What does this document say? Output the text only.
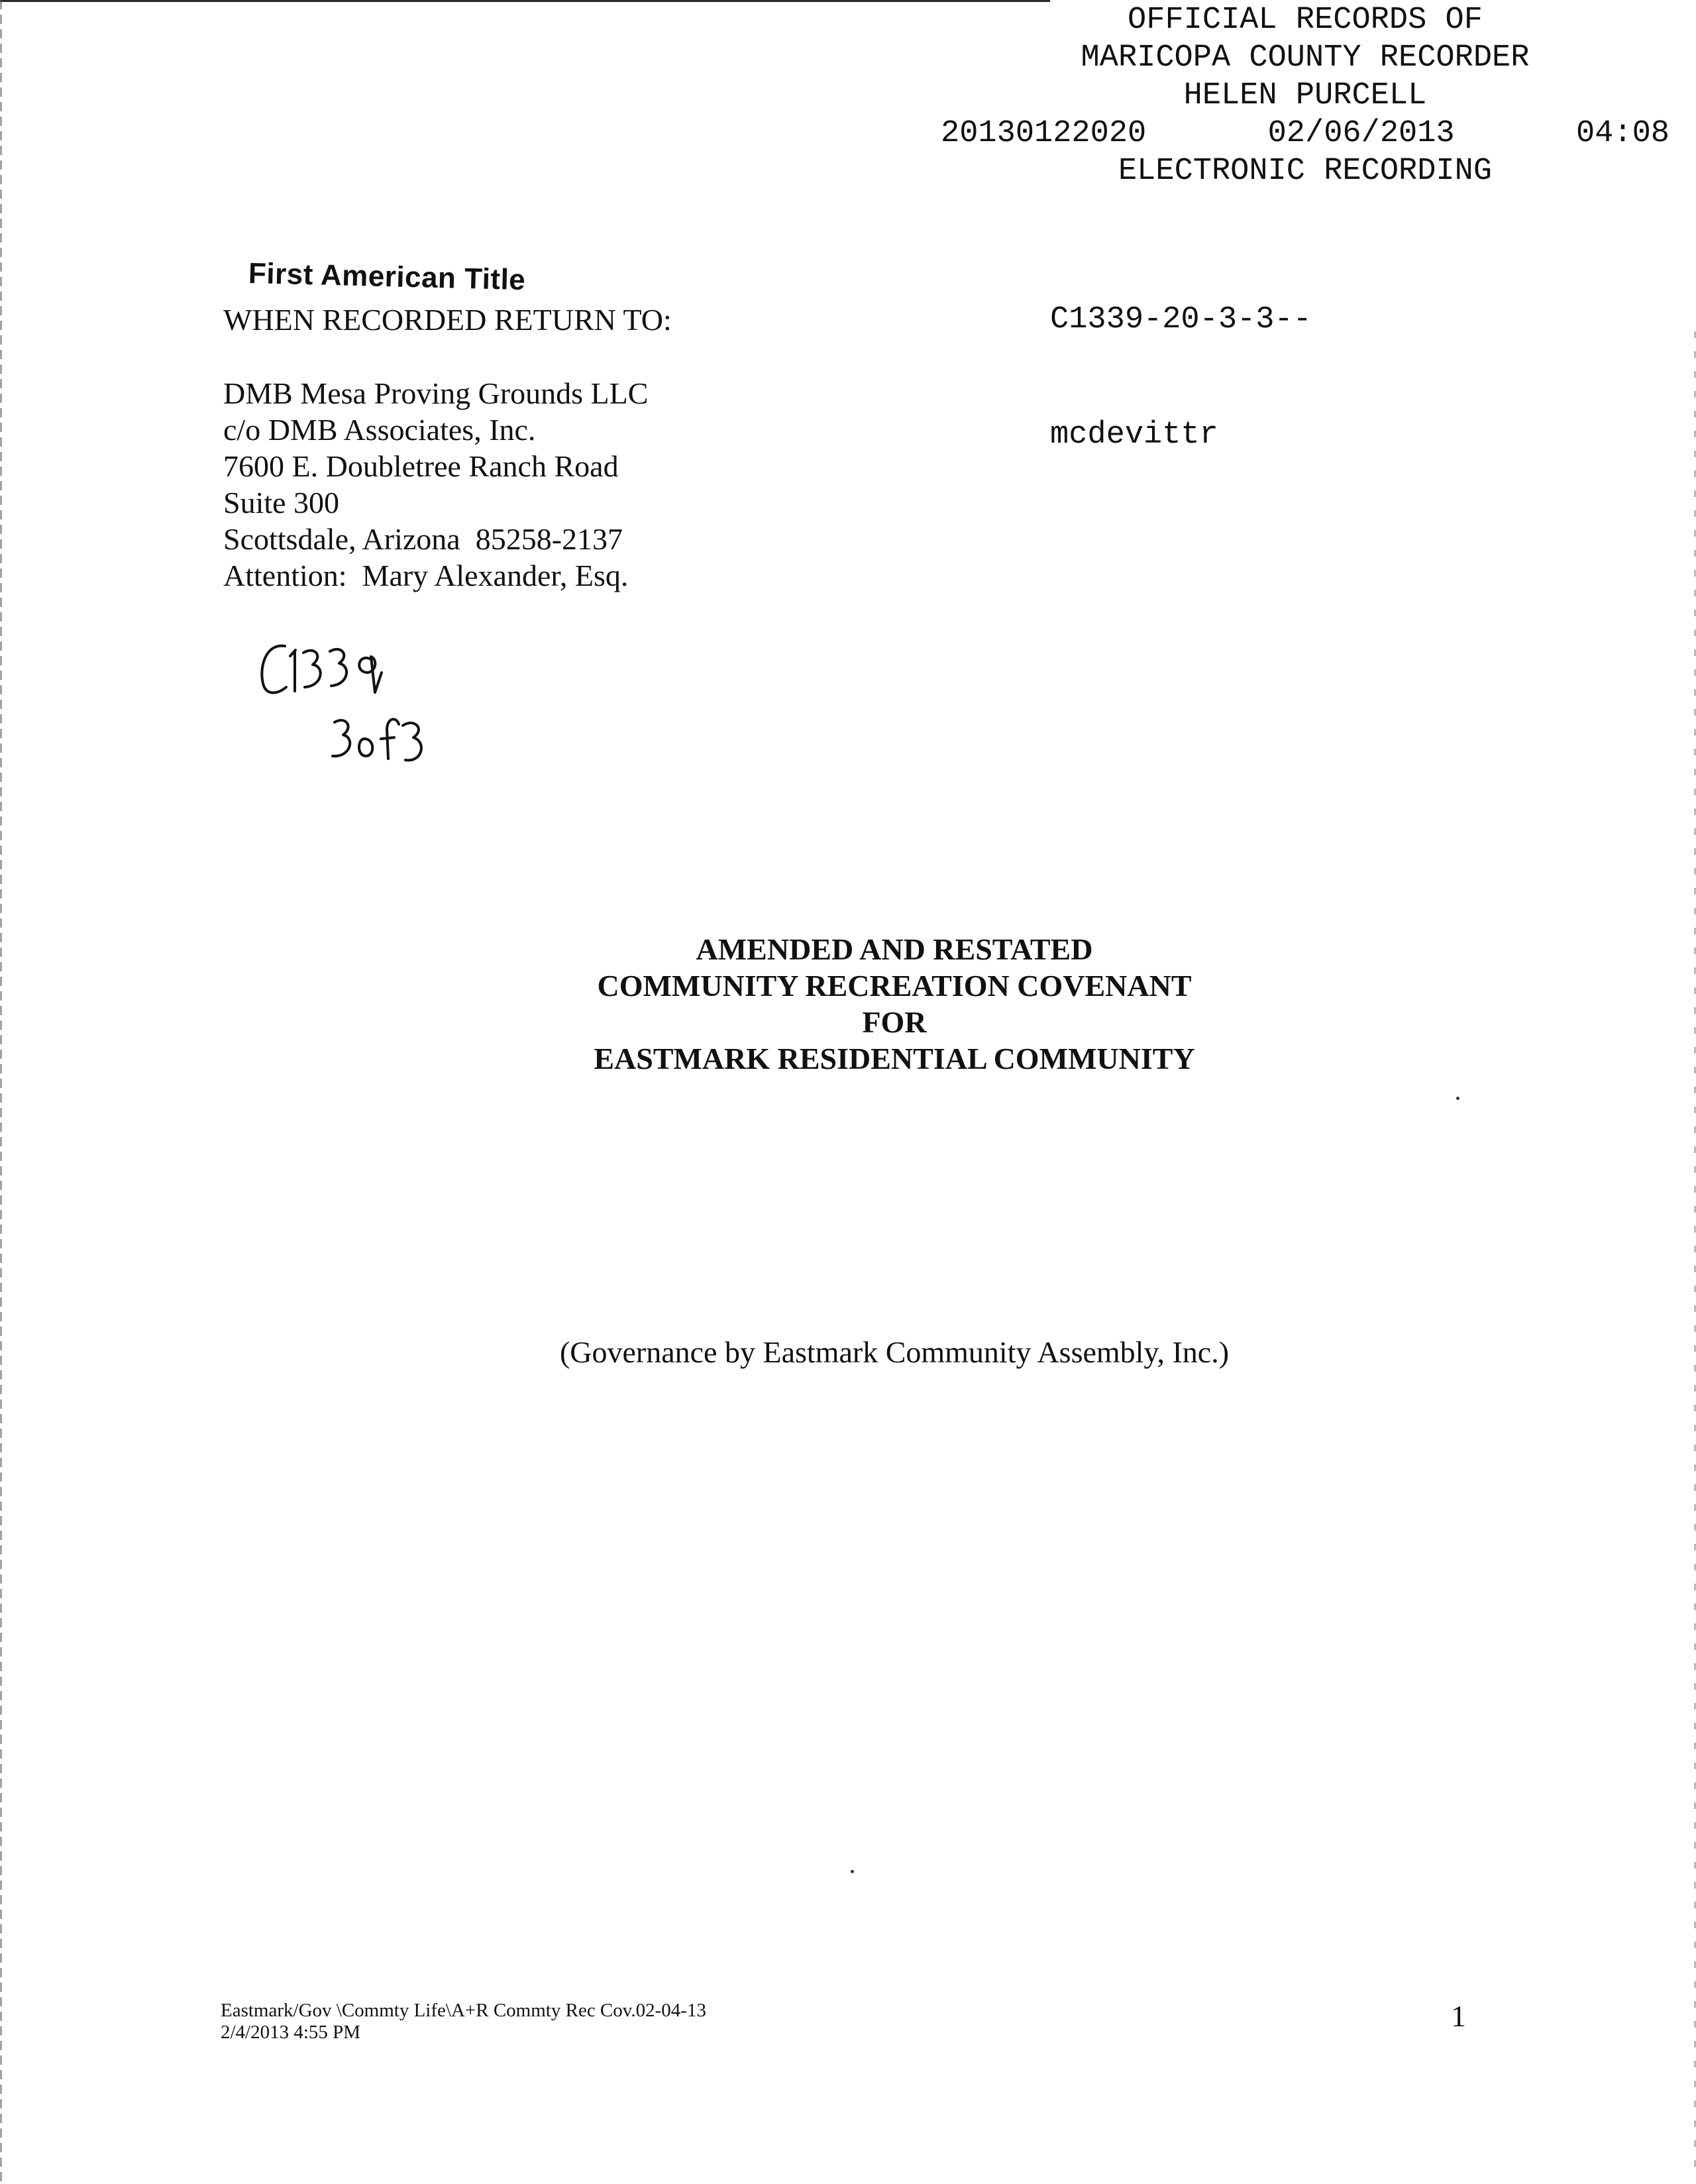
OFFICIAL RECORDS OF
MARICOPA COUNTY RECORDER
HELEN PURCELL
20130122020	02/06/2013	04:08
ELECTRONIC RECORDING

C1339-20-3-3--

mcdevittr

First American Title
WHEN RECORDED RETURN TO:
DMB Mesa Proving Grounds LLC
c/o DMB Associates, Inc.
7600 E. Doubletree Ranch Road
Suite 300
Scottsdale, Arizona  85258-2137
Attention:  Mary Alexander, Esq.
AMENDED AND RESTATED
COMMUNITY RECREATION COVENANT
FOR
EASTMARK RESIDENTIAL COMMUNITY
(Governance by Eastmark Community Assembly, Inc.)
Eastmark/Gov \Commty Life\A+R Commty Rec Cov.02-04-13
2/4/2013 4:55 PM	1
